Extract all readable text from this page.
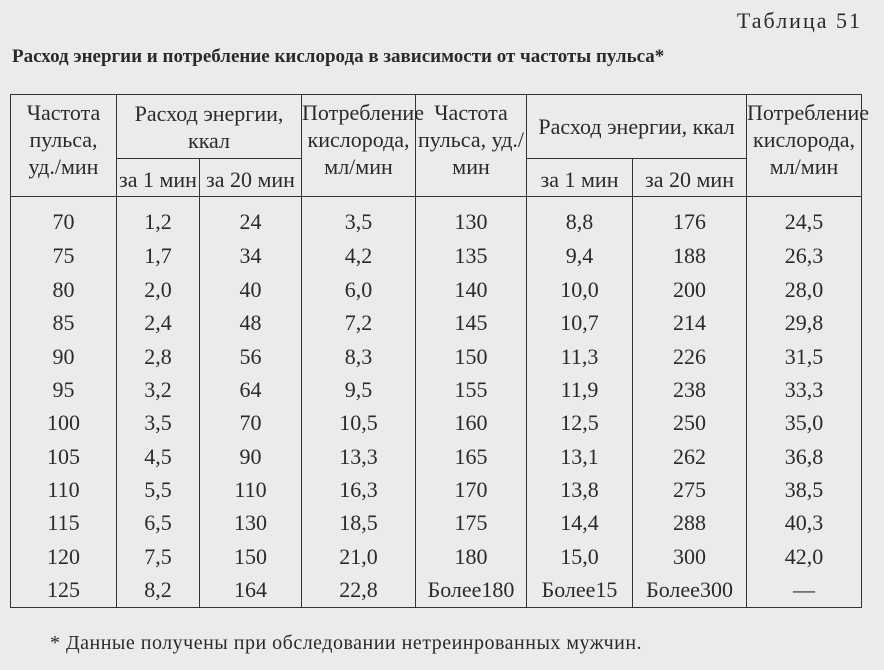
Таблица 51
Расход энергии и потребление кислорода в зависимости от частоты пульса*
Частота пульса, уд./мин	Расход энергии, ккал		Потребление кислорода, мл/мин	Частота пульса, уд./мин	Расход энергии, ккал		Потребление кислорода, мл/мин
	за 1 мин	за 20 мин			за 1 мин	за 20 мин	
70	1,2	24	3,5	130	8,8	176	24,5
75	1,7	34	4,2	135	9,4	188	26,3
80	2,0	40	6,0	140	10,0	200	28,0
85	2,4	48	7,2	145	10,7	214	29,8
90	2,8	56	8,3	150	11,3	226	31,5
95	3,2	64	9,5	155	11,9	238	33,3
100	3,5	70	10,5	160	12,5	250	35,0
105	4,5	90	13,3	165	13,1	262	36,8
110	5,5	110	16,3	170	13,8	275	38,5
115	6,5	130	18,5	175	14,4	288	40,3
120	7,5	150	21,0	180	15,0	300	42,0
125	8,2	164	22,8	Более180	Более15	Более300	—
* Данные получены при обследовании нетреинрованных мужчин.
